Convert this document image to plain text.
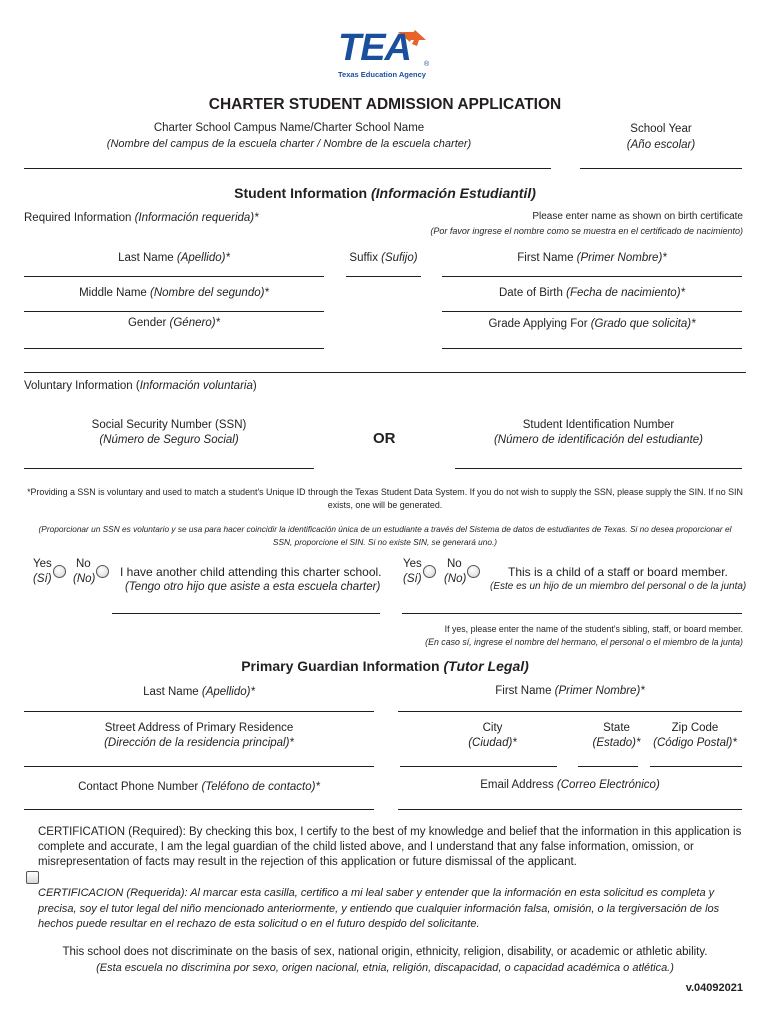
TEA ®
Texas Education Agency
CHARTER STUDENT ADMISSION APPLICATION
Charter School Campus Name/Charter School Name
(Nombre del campus de la escuela charter / Nombre de la escuela charter)
School Year
(Año escolar)
Student Information (Información Estudiantil)
Required Information (Información requerida)*	Please enter name as shown on birth certificate
(Por favor ingrese el nombre como se muestra en el certificado de nacimiento)
Last Name (Apellido)*	Suffix (Sufijo)	First Name (Primer Nombre)*
Middle Name (Nombre del segundo)*	Date of Birth (Fecha de nacimiento)*
Gender (Género)*	Grade Applying For (Grado que solicita)*
Voluntary Information (Información voluntaria)
Social Security Number (SSN)
(Número de Seguro Social)	OR
Student Identification Number
(Número de identificación del estudiante)
*Providing a SSN is voluntary and used to match a student's Unique ID through the Texas Student Data System. If you do not wish to supply the SSN, please supply the SIN. If no SIN exists, one will be generated.
(Proporcionar un SSN es voluntario y se usa para hacer coincidir la identificación única de un estudiante a través del Sistema de datos de estudiantes de Texas. Si no desea proporcionar el SSN, proporcione el SIN. Si no existe SIN, se generará uno.)
Yes
(Sí)
No
(No) I have another child attending this charter school.
(Tengo otro hijo que asiste a esta escuela charter)
Yes
(Sí)
No
(No)	This is a child of a staff or board member.
(Este es un hijo de un miembro del personal o de la junta)
If yes, please enter the name of the student's sibling, staff, or board member.
(En caso sí, ingrese el nombre del hermano, el personal o el miembro de la junta)
Primary Guardian Information (Tutor Legal)
Last Name (Apellido)*	First Name (Primer Nombre)*
Street Address of Primary Residence
(Dirección de la residencia principal)*
City
(Ciudad)*
State
(Estado)*
Zip Code
(Código Postal)*
Contact Phone Number (Teléfono de contacto)*	Email Address (Correo Electrónico)
CERTIFICATION (Required): By checking this box, I certify to the best of my knowledge and belief that the information in this application is complete and accurate, I am the legal guardian of the child listed above, and I understand that any false information, omission, or misrepresentation of facts may result in the rejection of this application or future dismissal of the applicant.
CERTIFICACION (Requerida): Al marcar esta casilla, certifico a mi leal saber y entender que la información en esta solicitud es completa y precisa, soy el tutor legal del niño mencionado anteriormente, y entiendo que cualquier información falsa, omisión, o la tergiversación de los hechos puede resultar en el rechazo de esta solicitud o en el futuro despido del solicitante.
This school does not discriminate on the basis of sex, national origin, ethnicity, religion, disability, or academic or athletic ability.
(Esta escuela no discrimina por sexo, origen nacional, etnia, religión, discapacidad, o capacidad académica o atlética.)
v.04092021
